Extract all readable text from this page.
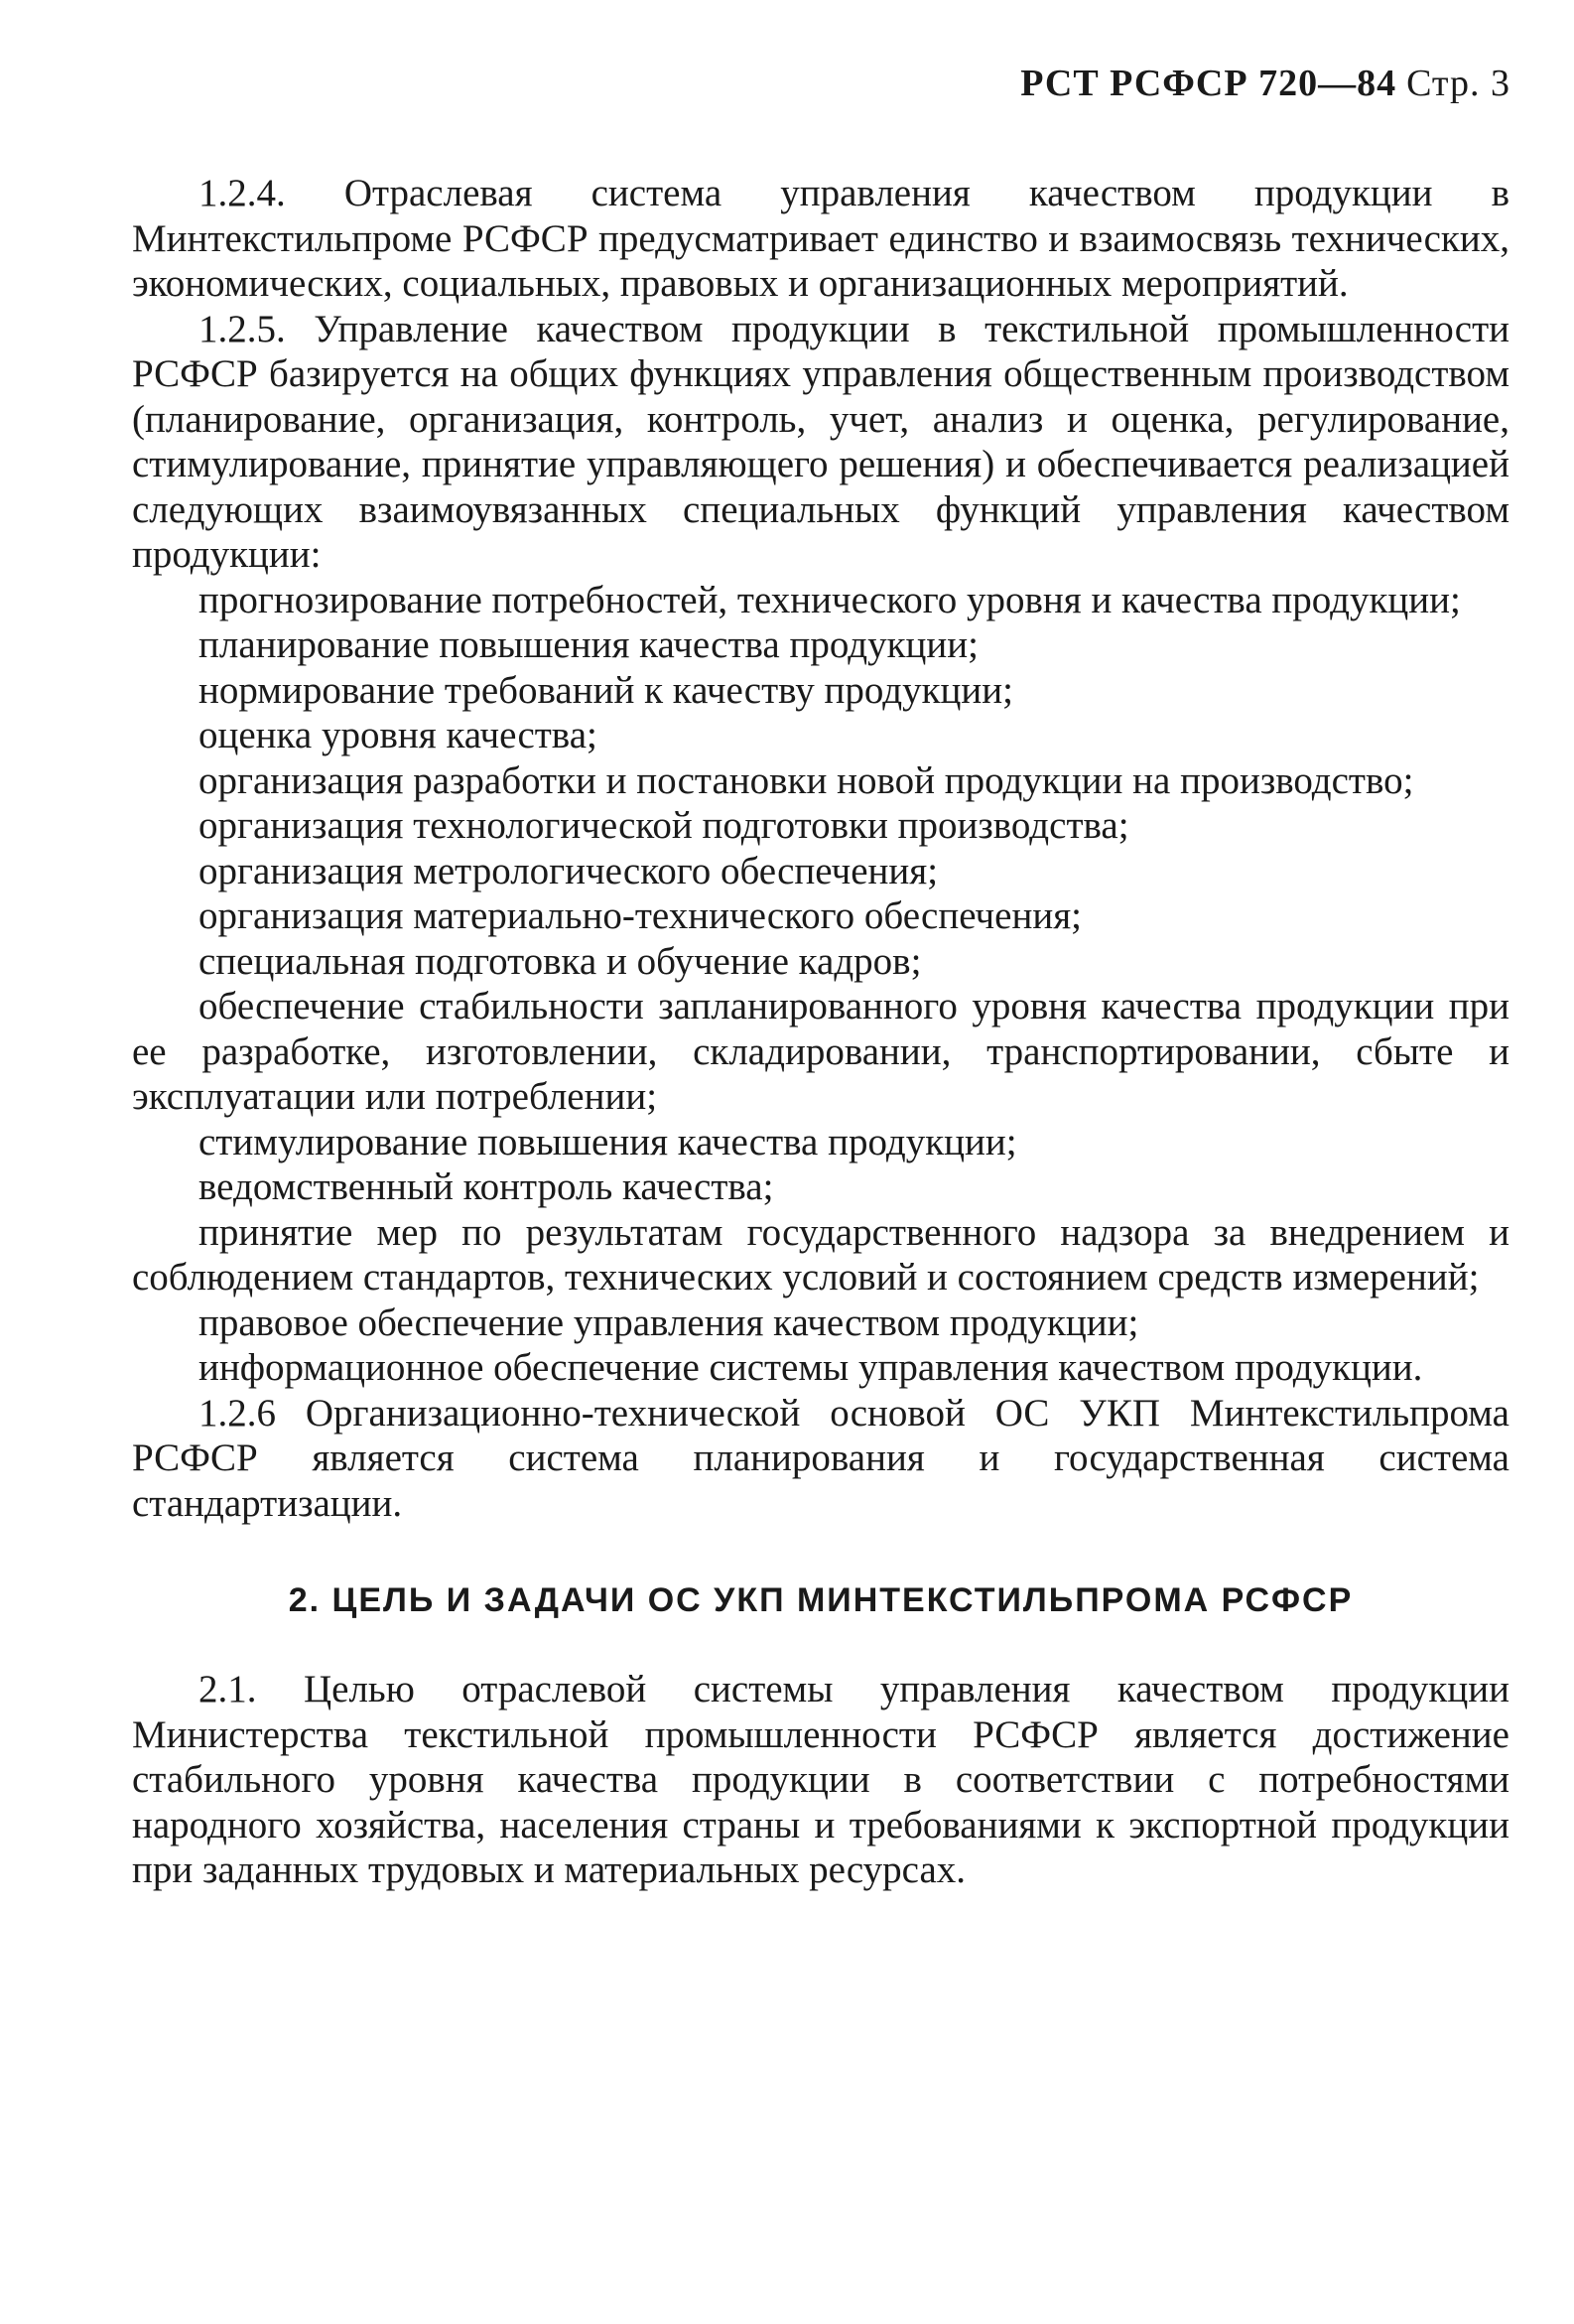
РСТ РСФСР 720—84 Стр. 3

1.2.4. Отраслевая система управления качеством продукции в Минтекстильпроме РСФСР предусматривает единство и взаимосвязь технических, экономических, социальных, правовых и организационных мероприятий.

1.2.5. Управление качеством продукции в текстильной промышленности РСФСР базируется на общих функциях управления общественным производством (планирование, организация, контроль, учет, анализ и оценка, регулирование, стимулирование, принятие управляющего решения) и обеспечивается реализацией следующих взаимоувязанных специальных функций управления качеством продукции:

прогнозирование потребностей, технического уровня и качества продукции;

планирование повышения качества продукции;

нормирование требований к качеству продукции;

оценка уровня качества;

организация разработки и постановки новой продукции на производство;

организация технологической подготовки производства;

организация метрологического обеспечения;

организация материально-технического обеспечения;

специальная подготовка и обучение кадров;

обеспечение стабильности запланированного уровня качества продукции при ее разработке, изготовлении, складировании, транспортировании, сбыте и эксплуатации или потреблении;

стимулирование повышения качества продукции;

ведомственный контроль качества;

принятие мер по результатам государственного надзора за внедрением и соблюдением стандартов, технических условий и состоянием средств измерений;

правовое обеспечение управления качеством продукции;

информационное обеспечение системы управления качеством продукции.

1.2.6 Организационно-технической основой ОС УКП Минтекстильпрома РСФСР является система планирования и государственная система стандартизации.

2. ЦЕЛЬ И ЗАДАЧИ ОС УКП МИНТЕКСТИЛЬПРОМА РСФСР

2.1. Целью отраслевой системы управления качеством продукции Министерства текстильной промышленности РСФСР является достижение стабильного уровня качества продукции в соответствии с потребностями народного хозяйства, населения страны и требованиями к экспортной продукции при заданных трудовых и материальных ресурсах.
